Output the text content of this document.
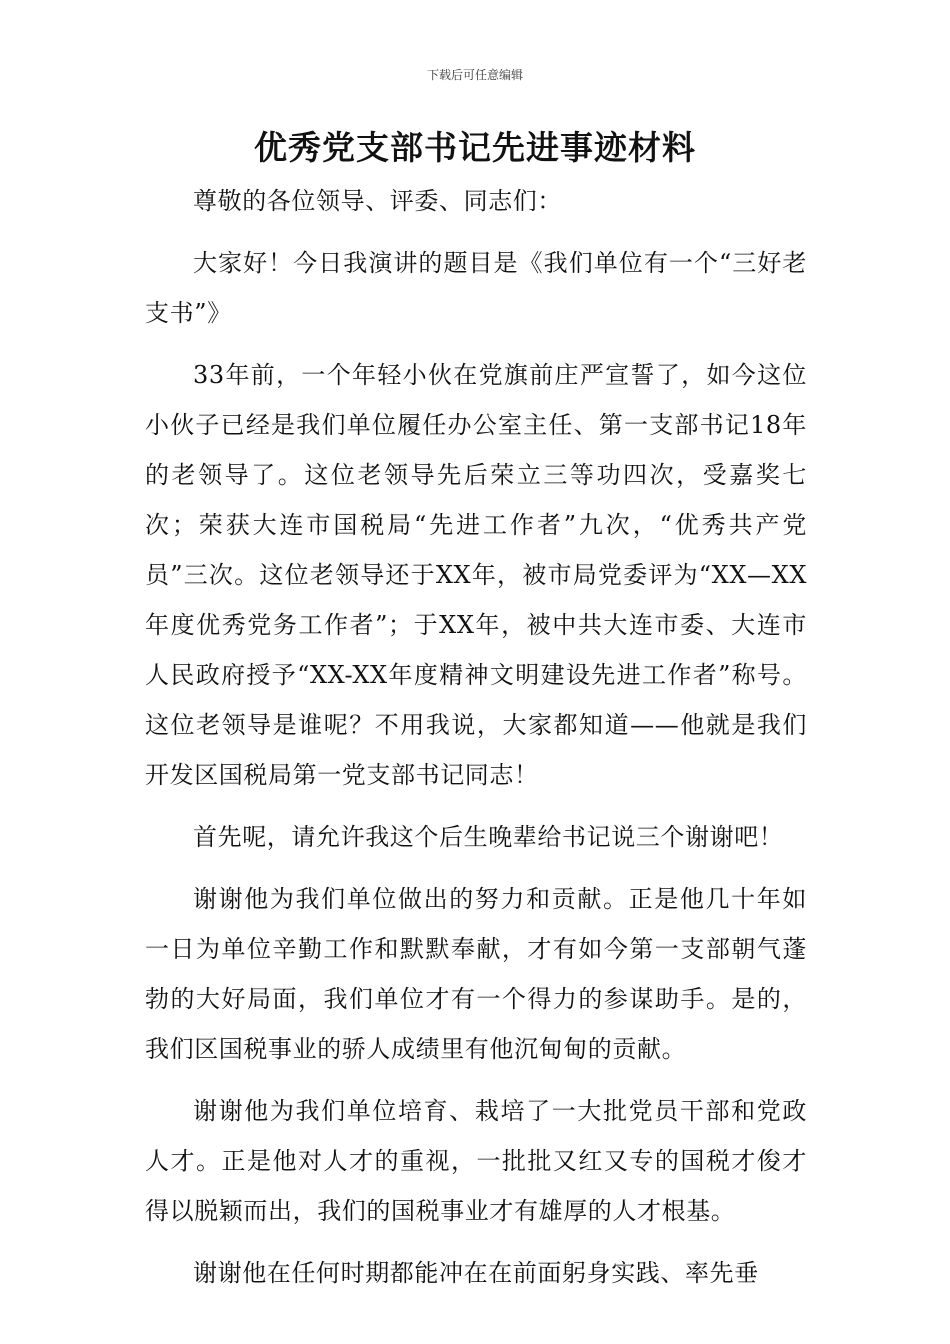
下载后可任意编辑
优秀党支部书记先进事迹材料

尊敬的各位领导、评委、同志们：

大家好！今日我演讲的题目是《我们单位有一个“三好老支书”》

33年前，一个年轻小伙在党旗前庄严宣誓了，如今这位小伙子已经是我们单位履任办公室主任、第一支部书记18年的老领导了。这位老领导先后荣立三等功四次，受嘉奖七次；荣获大连市国税局“先进工作者”九次，“优秀共产党员”三次。这位老领导还于XX年，被市局党委评为“XX—XX年度优秀党务工作者”；于XX年，被中共大连市委、大连市人民政府授予“XX-XX年度精神文明建设先进工作者”称号。这位老领导是谁呢？不用我说，大家都知道——他就是我们开发区国税局第一党支部书记同志！

首先呢，请允许我这个后生晚辈给书记说三个谢谢吧！

谢谢他为我们单位做出的努力和贡献。正是他几十年如一日为单位辛勤工作和默默奉献，才有如今第一支部朝气蓬勃的大好局面，我们单位才有一个得力的参谋助手。是的，我们区国税事业的骄人成绩里有他沉甸甸的贡献。

谢谢他为我们单位培育、栽培了一大批党员干部和党政人才。正是他对人才的重视，一批批又红又专的国税才俊才得以脱颖而出，我们的国税事业才有雄厚的人才根基。

谢谢他在任何时期都能冲在在前面躬身实践、率先垂
